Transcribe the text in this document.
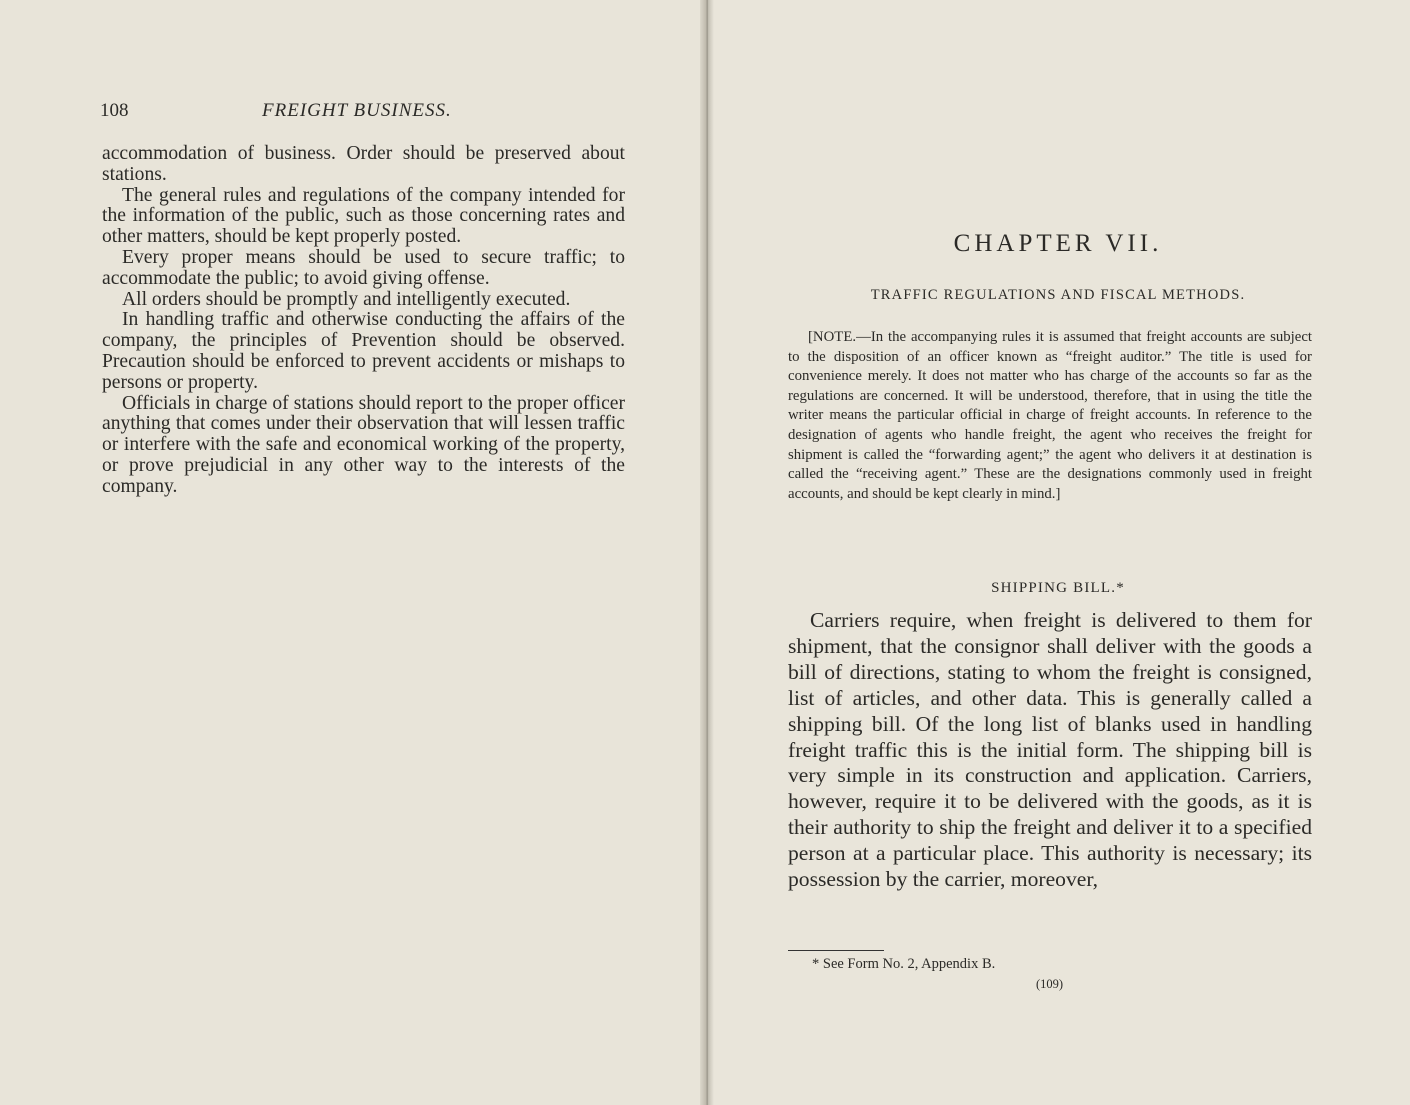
108	FREIGHT BUSINESS.

accommodation of business. Order should be preserved about stations.

The general rules and regulations of the company intended for the information of the public, such as those concerning rates and other matters, should be kept properly posted.

Every proper means should be used to secure traffic; to accommodate the public; to avoid giving offense.

All orders should be promptly and intelligently executed.

In handling traffic and otherwise conducting the affairs of the company, the principles of Prevention should be observed. Precaution should be enforced to prevent accidents or mishaps to persons or property.

Officials in charge of stations should report to the proper officer anything that comes under their observation that will lessen traffic or interfere with the safe and economical working of the property, or prove prejudicial in any other way to the interests of the company.

CHAPTER VII.
TRAFFIC REGULATIONS AND FISCAL METHODS.

[NOTE.—In the accompanying rules it is assumed that freight accounts are subject to the disposition of an officer known as “freight auditor.” The title is used for convenience merely. It does not matter who has charge of the accounts so far as the regulations are concerned. It will be understood, therefore, that in using the title the writer means the particular official in charge of freight accounts. In reference to the designation of agents who handle freight, the agent who receives the freight for shipment is called the “forwarding agent;” the agent who delivers it at destination is called the “receiving agent.” These are the designations commonly used in freight accounts, and should be kept clearly in mind.]

SHIPPING BILL.*

Carriers require, when freight is delivered to them for shipment, that the consignor shall deliver with the goods a bill of directions, stating to whom the freight is consigned, list of articles, and other data. This is generally called a shipping bill. Of the long list of blanks used in handling freight traffic this is the initial form. The shipping bill is very simple in its construction and application. Carriers, however, require it to be delivered with the goods, as it is their authority to ship the freight and deliver it to a specified person at a particular place. This authority is necessary; its possession by the carrier, moreover,

* See Form No. 2, Appendix B.
(109)
